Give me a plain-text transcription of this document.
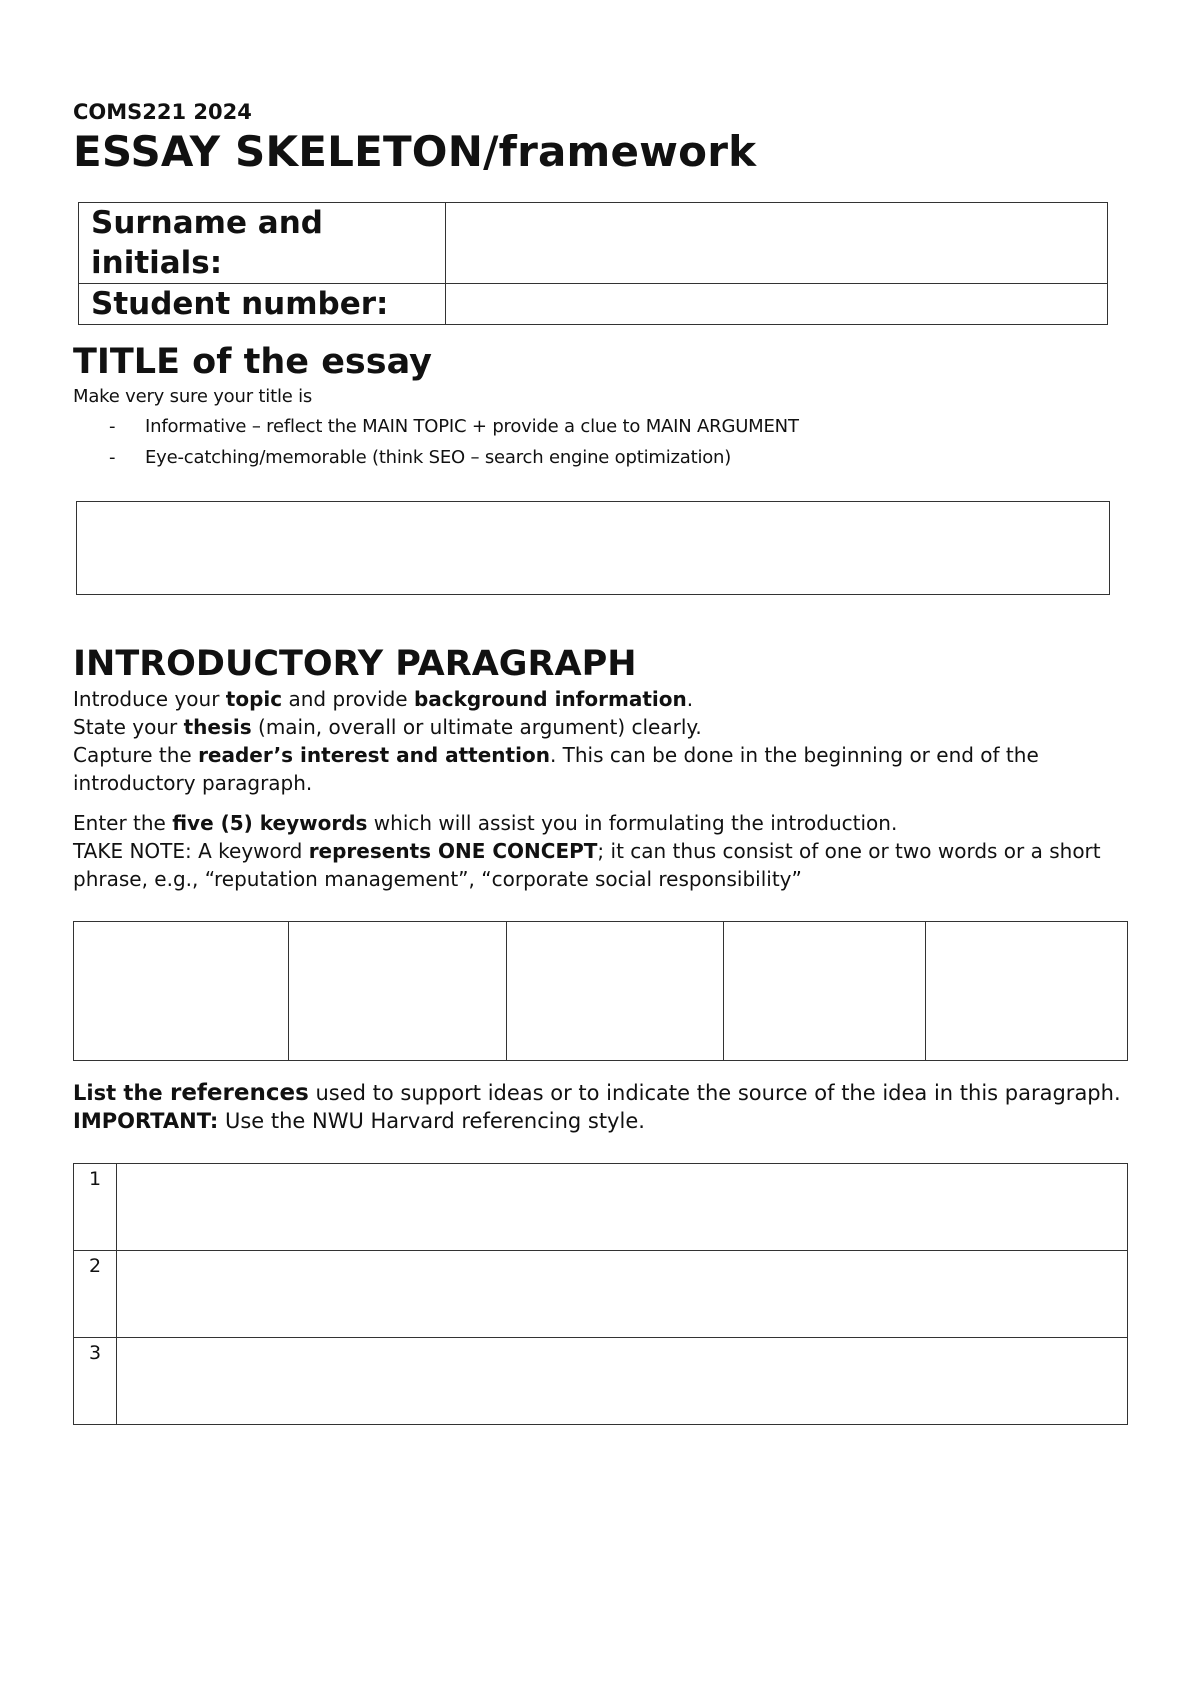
COMS221 2024

ESSAY SKELETON/framework
Surname and initials:	
Student number:	
TITLE of the essay
Make very sure your title is
- Informative – reflect the MAIN TOPIC + provide a clue to MAIN ARGUMENT
- Eye-catching/memorable (think SEO – search engine optimization)
INTRODUCTORY PARAGRAPH
Introduce your topic and provide background information.
State your thesis (main, overall or ultimate argument) clearly.
Capture the reader’s interest and attention. This can be done in the beginning or end of the introductory paragraph.
Enter the five (5) keywords which will assist you in formulating the introduction.
TAKE NOTE: A keyword represents ONE CONCEPT; it can thus consist of one or two words or a short phrase, e.g., “reputation management”, “corporate social responsibility”

List the references used to support ideas or to indicate the source of the idea in this paragraph.
IMPORTANT: Use the NWU Harvard referencing style.
1	
2	
3	
